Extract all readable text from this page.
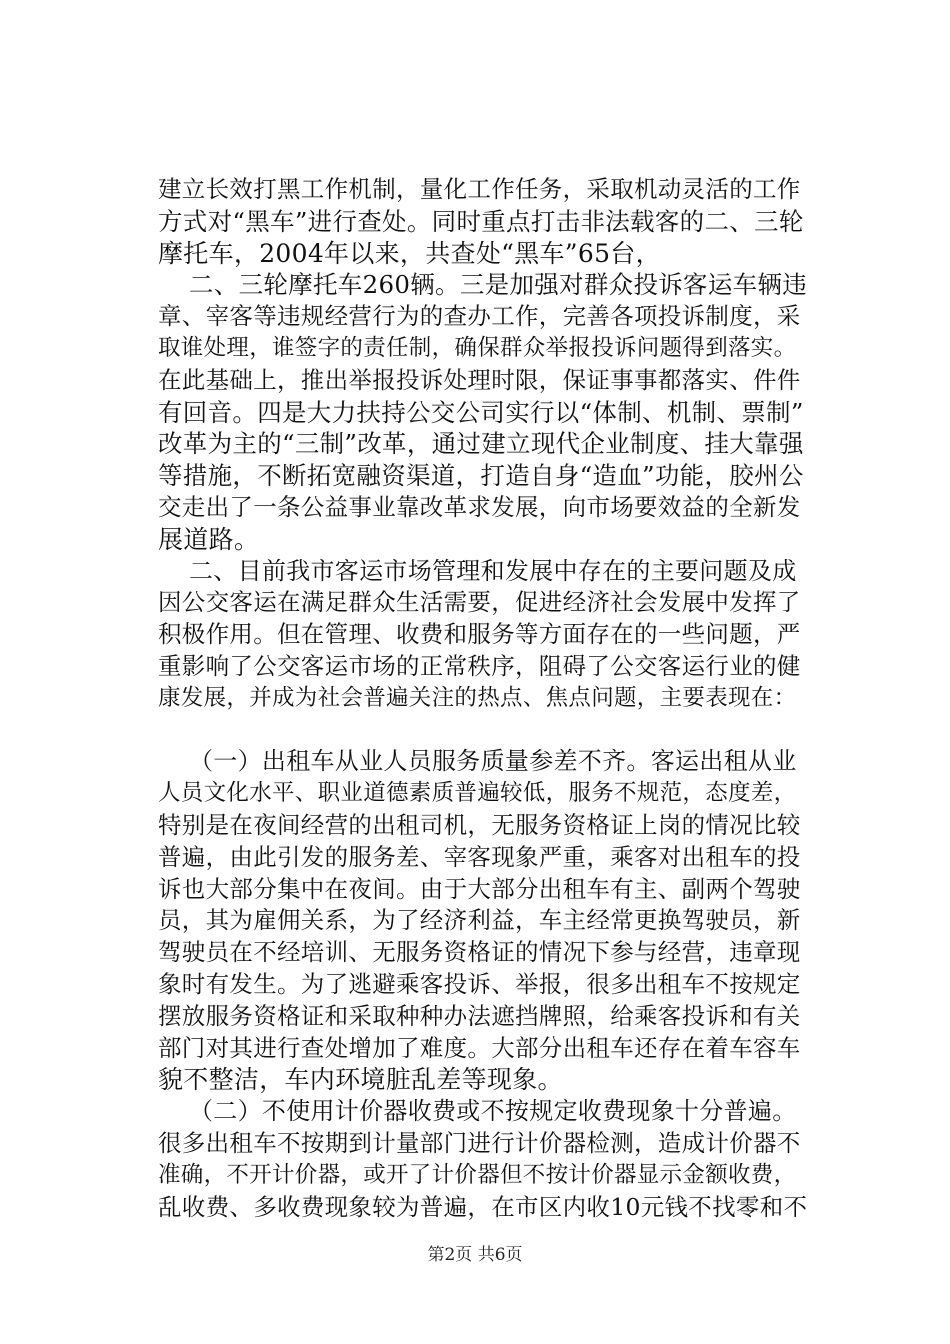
建立长效打黑工作机制，量化工作任务，采取机动灵活的工作
方式对“黑车”进行查处。同时重点打击非法载客的二、三轮
摩托车，2004年以来，共查处“黑车”65台，
二、三轮摩托车260辆。三是加强对群众投诉客运车辆违
章、宰客等违规经营行为的查办工作，完善各项投诉制度，采
取谁处理，谁签字的责任制，确保群众举报投诉问题得到落实。
在此基础上，推出举报投诉处理时限，保证事事都落实、件件
有回音。四是大力扶持公交公司实行以“体制、机制、票制”
改革为主的“三制”改革，通过建立现代企业制度、挂大靠强
等措施，不断拓宽融资渠道，打造自身“造血”功能，胶州公
交走出了一条公益事业靠改革求发展，向市场要效益的全新发
展道路。
二、目前我市客运市场管理和发展中存在的主要问题及成
因公交客运在满足群众生活需要，促进经济社会发展中发挥了
积极作用。但在管理、收费和服务等方面存在的一些问题，严
重影响了公交客运市场的正常秩序，阻碍了公交客运行业的健
康发展，并成为社会普遍关注的热点、焦点问题，主要表现在：
（一）出租车从业人员服务质量参差不齐。客运出租从业
人员文化水平、职业道德素质普遍较低，服务不规范，态度差，
特别是在夜间经营的出租司机，无服务资格证上岗的情况比较
普遍，由此引发的服务差、宰客现象严重，乘客对出租车的投
诉也大部分集中在夜间。由于大部分出租车有主、副两个驾驶
员，其为雇佣关系，为了经济利益，车主经常更换驾驶员，新
驾驶员在不经培训、无服务资格证的情况下参与经营，违章现
象时有发生。为了逃避乘客投诉、举报，很多出租车不按规定
摆放服务资格证和采取种种办法遮挡牌照，给乘客投诉和有关
部门对其进行查处增加了难度。大部分出租车还存在着车容车
貌不整洁，车内环境脏乱差等现象。
（二）不使用计价器收费或不按规定收费现象十分普遍。
很多出租车不按期到计量部门进行计价器检测，造成计价器不
准确，不开计价器，或开了计价器但不按计价器显示金额收费，
乱收费、多收费现象较为普遍，在市区内收10元钱不找零和不
第2页 共6页
